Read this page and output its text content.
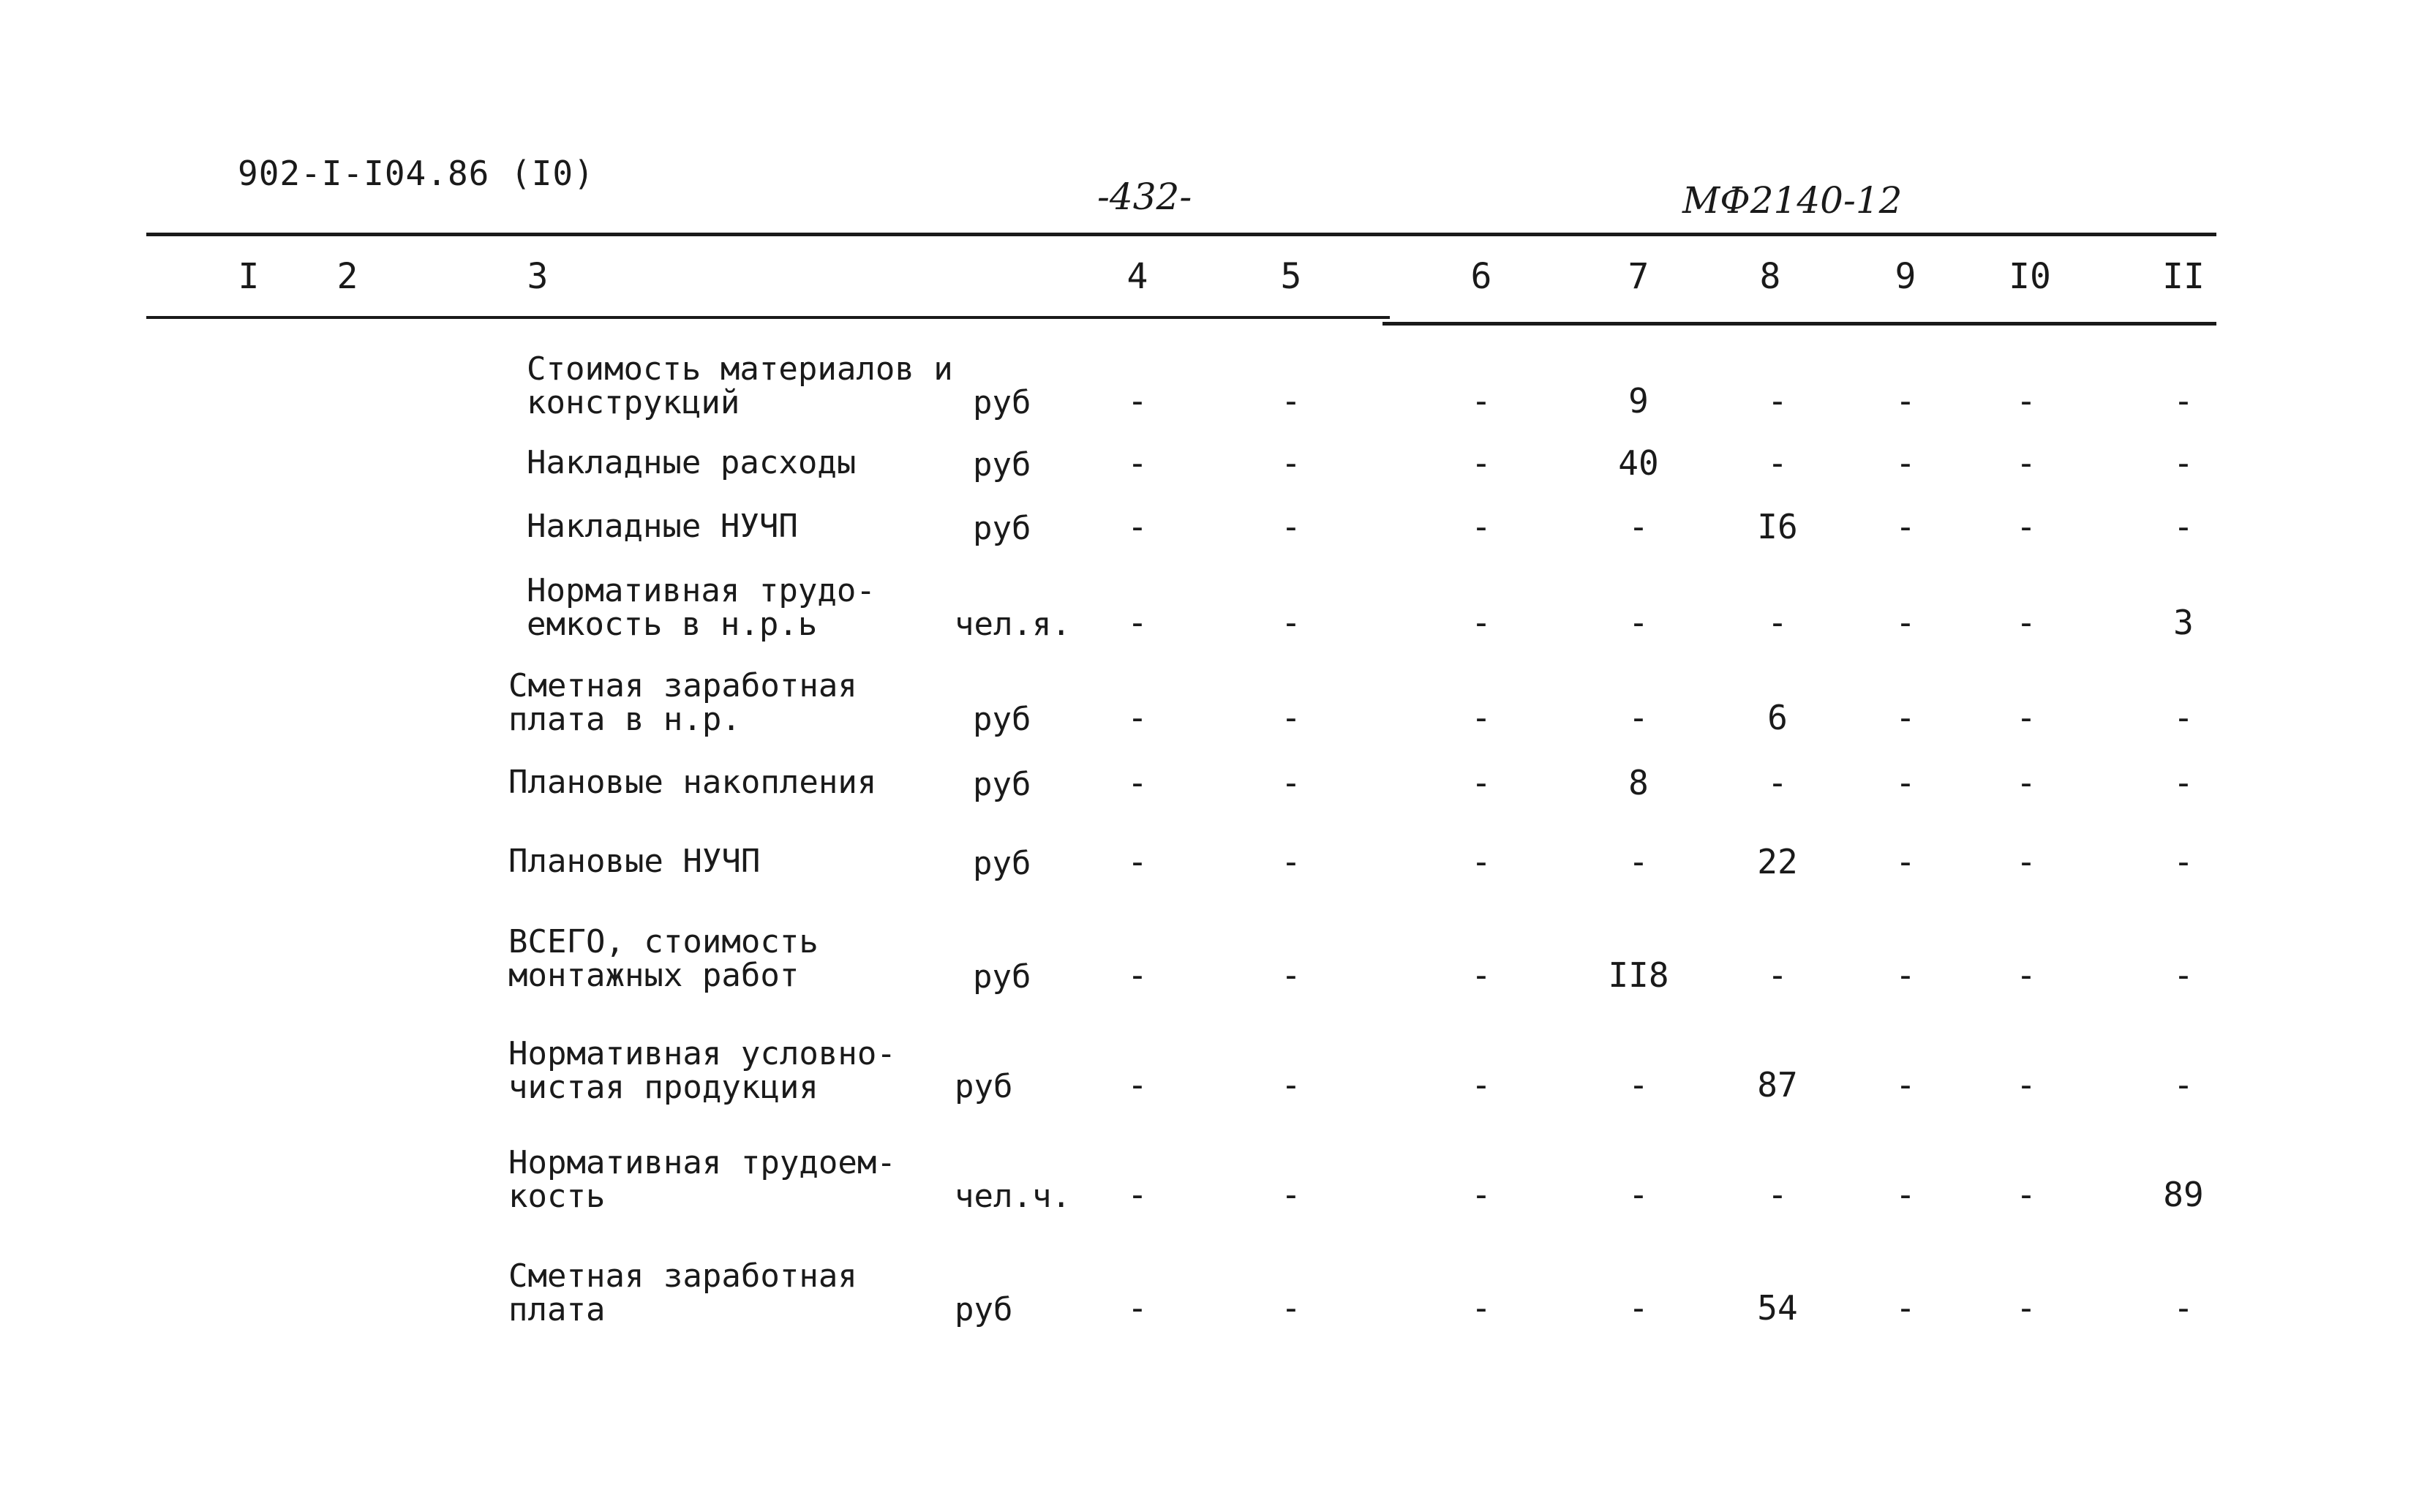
902-I-I04.86 (I0)
-432-	МФ2140-12
I 2	3	4	5	6	7	8	9	I0	II
Стоимость материалов и
конструкций	руб	-	-	-	9	-	-	-	-
Накладные расходы	руб	-	-	-	40	-	-	-	-
Накладные НУЧП	руб	-	-	-	-	I6	-	-	-
Нормативная трудо-
емкость в н.р.ь	чел.я. -	-	-	-	-	-	-	3
Сметная заработная
плата в н.р.	руб	-	-	-	-	6	-	-	-
Плановые накопления	руб	-	-	-	8	-	-	-	-
Плановые НУЧП	руб	-	-	-	-	22	-	-	-
ВСЕГО, стоимость
монтажных работ	руб	-	-	-	II8	-	-	-	-
Нормативная условно-
чистая продукция	руб	-	-	-	-	87	-	-	-
Нормативная трудоем-
кость	чел.ч. -	-	-	-	-	-	-	89
Сметная заработная
плата	руб	-	-	-	-	54	-	-	-
